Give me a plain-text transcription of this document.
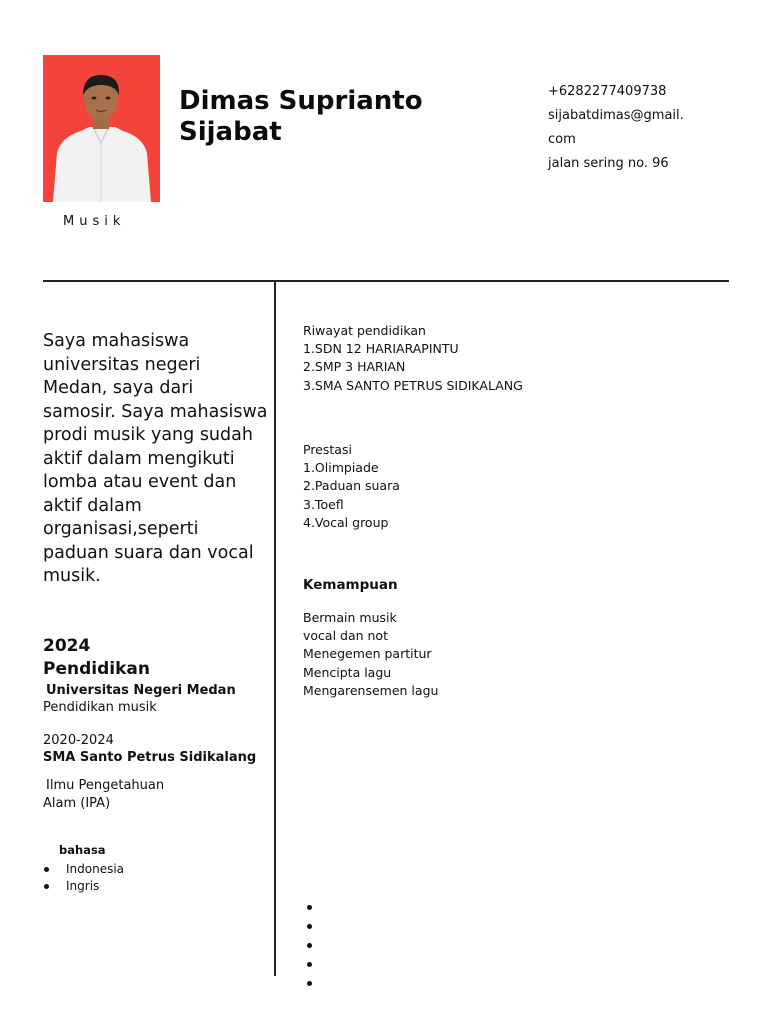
Musik
Dimas Suprianto
Sijabat
+6282277409738
sijabatdimas@gmail.
com
jalan sering no. 96
Saya mahasiswa universitas negeri Medan, saya dari samosir. Saya mahasiswa prodi musik yang sudah aktif dalam mengikuti lomba atau event dan aktif dalam organisasi,seperti paduan suara dan vocal musik.
2024
Pendidikan
Universitas Negeri Medan
Pendidikan musik
2020-2024
SMA Santo Petrus Sidikalang
Ilmu Pengetahuan
Alam (IPA)
bahasa
Indonesia
Ingris
Riwayat pendidikan
1.SDN 12 HARIARAPINTU
2.SMP 3 HARIAN
3.SMA SANTO PETRUS SIDIKALANG
Prestasi
1.Olimpiade
2.Paduan suara
3.Toefl
4.Vocal group
Kemampuan
Bermain musik
vocal dan not
Menegemen partitur
Mencipta lagu
Mengarensemen lagu
